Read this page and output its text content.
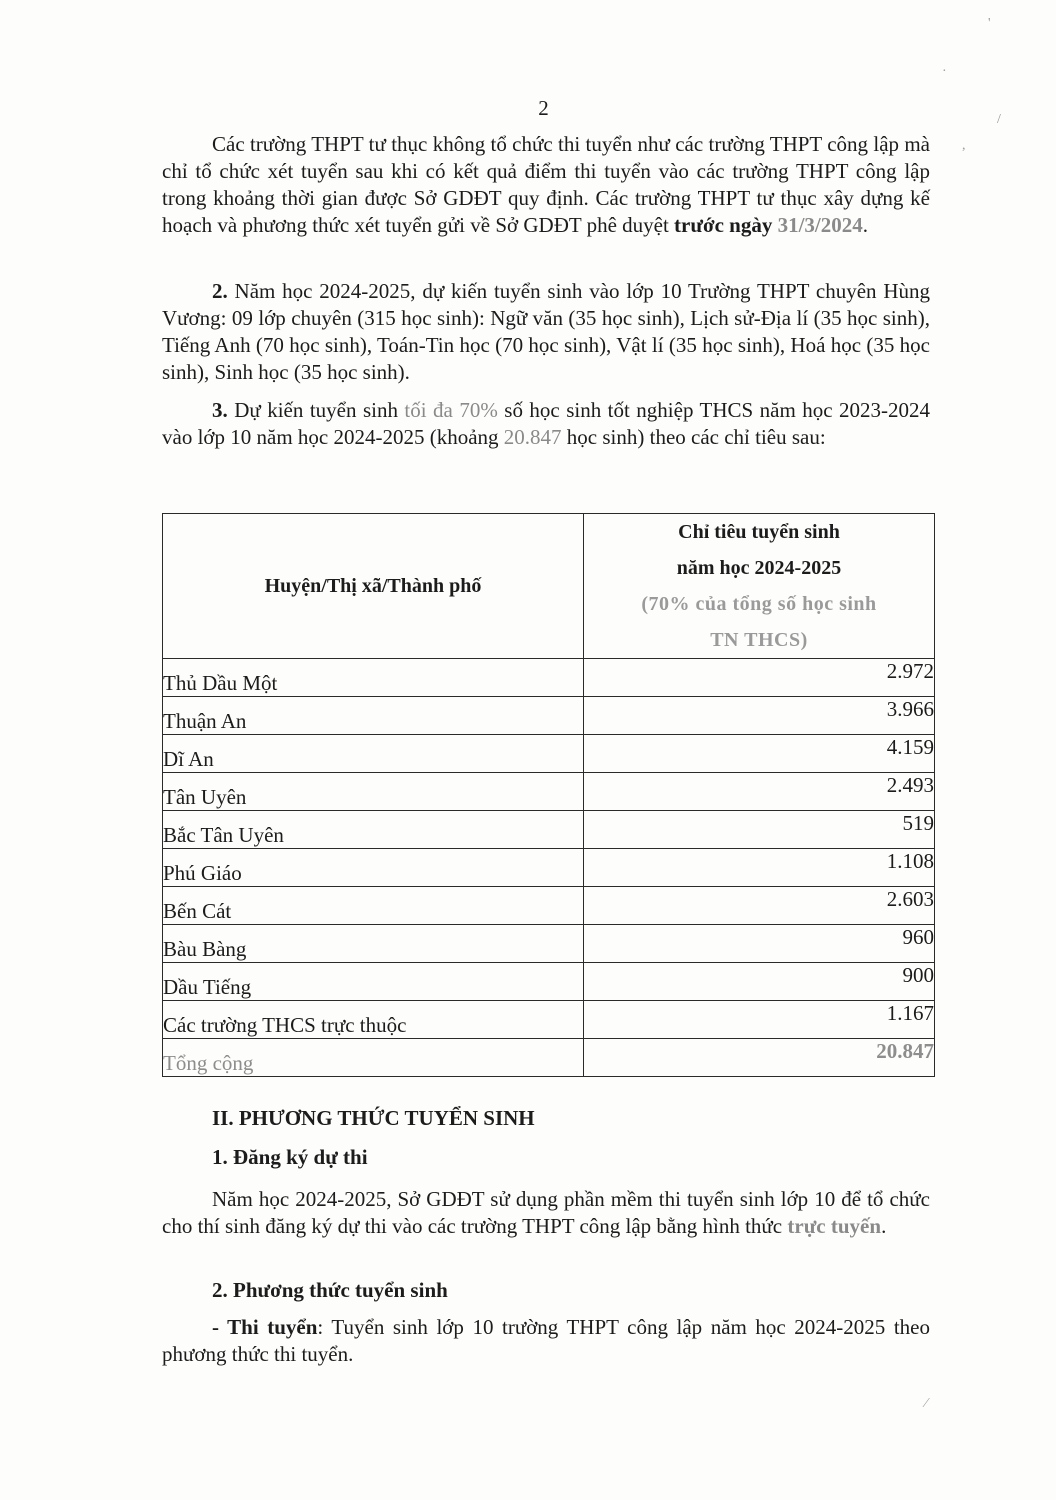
2
Các trường THPT tư thục không tổ chức thi tuyển như các trường THPT công lập mà chỉ tổ chức xét tuyển sau khi có kết quả điểm thi tuyển vào các trường THPT công lập trong khoảng thời gian được Sở GDĐT quy định. Các trường THPT tư thục xây dựng kế hoạch và phương thức xét tuyển gửi về Sở GDĐT phê duyệt trước ngày 31/3/2024.
2. Năm học 2024-2025, dự kiến tuyển sinh vào lớp 10 Trường THPT chuyên Hùng Vương: 09 lớp chuyên (315 học sinh): Ngữ văn (35 học sinh), Lịch sử-Địa lí (35 học sinh), Tiếng Anh (70 học sinh), Toán-Tin học (70 học sinh), Vật lí (35 học sinh), Hoá học (35 học sinh), Sinh học (35 học sinh).
3. Dự kiến tuyển sinh tối đa 70% số học sinh tốt nghiệp THCS năm học 2023-2024 vào lớp 10 năm học 2024-2025 (khoảng 20.847 học sinh) theo các chỉ tiêu sau:
Huyện/Thị xã/Thành phố	Chỉ tiêu tuyển sinh
năm học 2024-2025
(70% của tổng số học sinh
TN THCS)

Thủ Dầu Một	2.972
Thuận An	3.966
Dĩ An	4.159
Tân Uyên	2.493
Bắc Tân Uyên	519
Phú Giáo	1.108
Bến Cát	2.603
Bàu Bàng	960
Dầu Tiếng	900
Các trường THCS trực thuộc	1.167
Tổng cộng	20.847
II. PHƯƠNG THỨC TUYỂN SINH
1. Đăng ký dự thi
Năm học 2024-2025, Sở GDĐT sử dụng phần mềm thi tuyển sinh lớp 10 để tổ chức cho thí sinh đăng ký dự thi vào các trường THPT công lập bằng hình thức trực tuyến.
2. Phương thức tuyển sinh
- Thi tuyển: Tuyển sinh lớp 10 trường THPT công lập năm học 2024-2025 theo phương thức thi tuyển.
'
·
/
,
⁄
